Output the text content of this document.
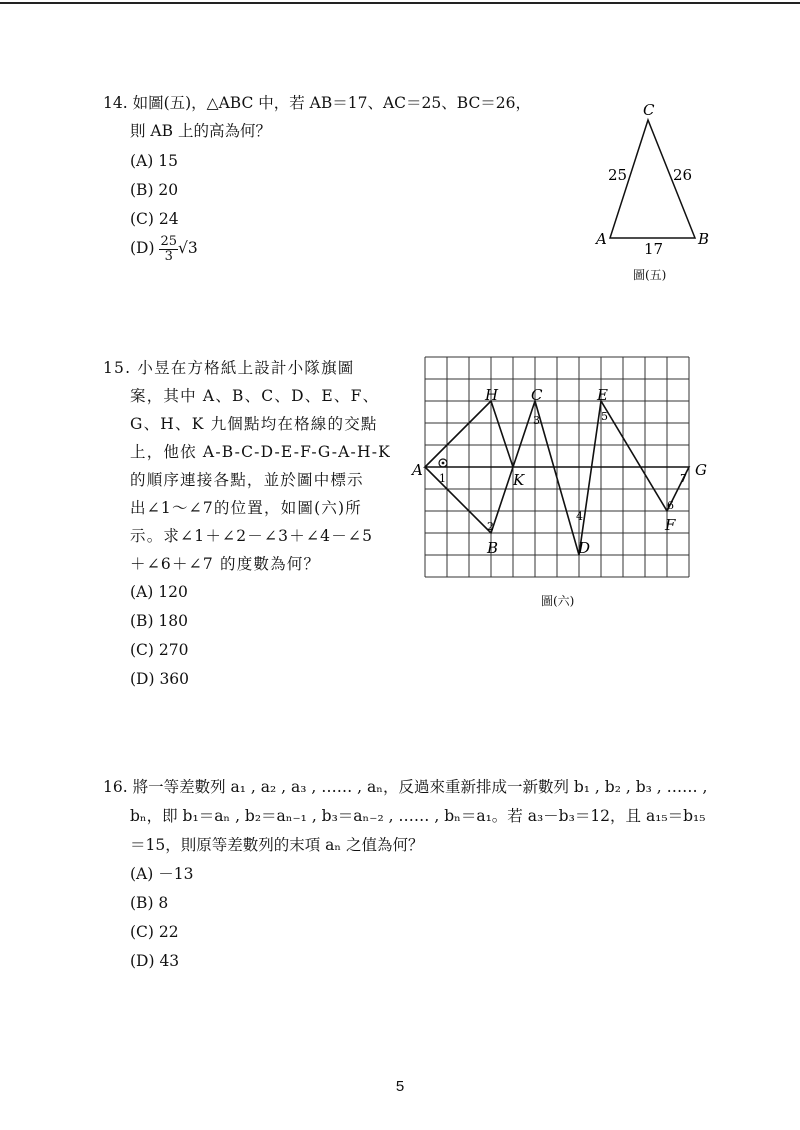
14. 如圖(五)，△ABC 中，若 AB＝17、AC＝25、BC＝26，
則 AB 上的高為何？
(A) 15
(B) 20
(C) 24
$(D) \frac{25}{3} √3$
C
A	B
25	26
17
圖(五)
15. 小昱在方格紙上設計小隊旗圖
案，其中 A、B、C、D、E、F、
G、H、K 九個點均在格線的交點
上，他依 A-B-C-D-E-F-G-A-H-K
的順序連接各點，並於圖中標示
出∠1～∠7的位置，如圖(六)所
示。求∠1＋∠2－∠3＋∠4－∠5
＋∠6＋∠7 的度數為何？
(A) 120
(B) 180
(C) 270
(D) 360
A
B
C
D
E
F
G
H
K
1
2
3
4
5
6
7
圖(六)
16. 將一等差數列 a₁ , a₂ , a₃ , …… , aₙ，反過來重新排成一新數列 b₁ , b₂ , b₃ , …… ,
bₙ，即 b₁＝aₙ , b₂＝aₙ₋₁ , b₃＝aₙ₋₂ , …… , bₙ＝a₁。若 a₃－b₃＝12，且 a₁₅＝b₁₅
＝15，則原等差數列的末項 aₙ 之值為何？
(A) －13
(B) 8
(C) 22
(D) 43
5
